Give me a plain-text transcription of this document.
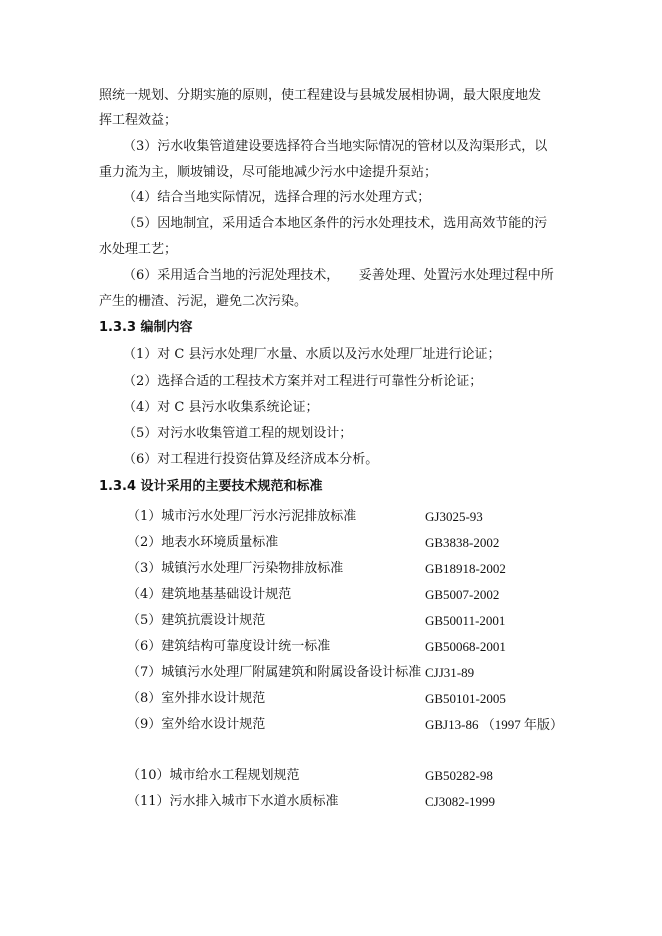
照统一规划、分期实施的原则，使工程建设与县城发展相协调，最大限度地发
挥工程效益；
（3）污水收集管道建设要选择符合当地实际情况的管材以及沟渠形式，以
重力流为主，顺坡铺设，尽可能地减少污水中途提升泵站；
（4）结合当地实际情况，选择合理的污水处理方式；
（5）因地制宜，采用适合本地区条件的污水处理技术，选用高效节能的污
水处理工艺；
（6）采用适合当地的污泥处理技术，　　妥善处理、处置污水处理过程中所
产生的栅渣、污泥，避免二次污染。
1.3.3 编制内容
（1）对 C 县污水处理厂水量、水质以及污水处理厂址进行论证；
（2）选择合适的工程技术方案并对工程进行可靠性分析论证；
（4）对 C 县污水收集系统论证；
（5）对污水收集管道工程的规划设计；
（6）对工程进行投资估算及经济成本分析。
1.3.4 设计采用的主要技术规范和标准
（1）城市污水处理厂污水污泥排放标准	GJ3025-93
（2）地表水环境质量标准	GB3838-2002
（3）城镇污水处理厂污染物排放标准	GB18918-2002
（4）建筑地基基础设计规范	GB5007-2002
（5）建筑抗震设计规范	GB50011-2001
（6）建筑结构可靠度设计统一标准	GB50068-2001
（7）城镇污水处理厂附属建筑和附属设备设计标准 CJJ31-89
（8）室外排水设计规范	GB50101-2005
（9）室外给水设计规范	GBJ13-86 （1997 年版）
（10）城市给水工程规划规范	GB50282-98
（11）污水排入城市下水道水质标准	CJ3082-1999
